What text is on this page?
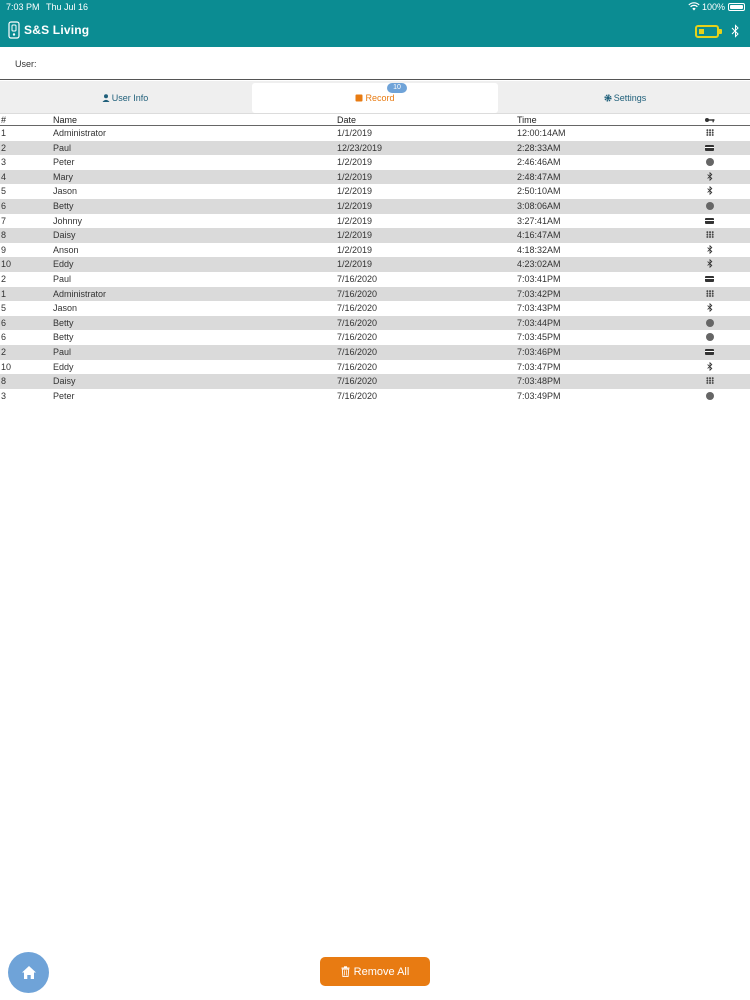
7:03 PM Thu Jul 16	100%
S&S Living
User:
User Info	Record	Settings
10
#	Name	Date	Time
1	Administrator	1/1/2019	12:00:14AM
2	Paul	12/23/2019	2:28:33AM
3	Peter	1/2/2019	2:46:46AM
4	Mary	1/2/2019	2:48:47AM
5	Jason	1/2/2019	2:50:10AM
6	Betty	1/2/2019	3:08:06AM
7	Johnny	1/2/2019	3:27:41AM
8	Daisy	1/2/2019	4:16:47AM
9	Anson	1/2/2019	4:18:32AM
10	Eddy	1/2/2019	4:23:02AM
2	Paul	7/16/2020	7:03:41PM
1	Administrator	7/16/2020	7:03:42PM
5	Jason	7/16/2020	7:03:43PM
6	Betty	7/16/2020	7:03:44PM
6	Betty	7/16/2020	7:03:45PM
2	Paul	7/16/2020	7:03:46PM
10	Eddy	7/16/2020	7:03:47PM
8	Daisy	7/16/2020	7:03:48PM
3	Peter	7/16/2020	7:03:49PM
Remove All
